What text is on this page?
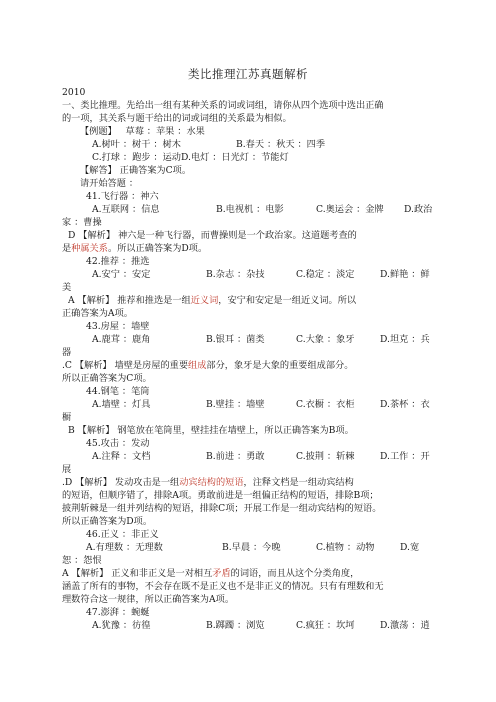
类比推理江苏真题解析
2010
一、类比推理。先给出一组有某种关系的词或词组，请你从四个选项中选出正确
的一项，其关系与题干给出的词或词组的关系最为相似。
【例题】 草莓 ：苹果 ：水果
A.树叶 ：树干 ：树木	B.春天 ：秋天 ：四季
C.打球 ：跑步 ：运动D.电灯 ：日光灯 ：节能灯
【解答】 正确答案为C项。
请开始答题 ：
41.飞行器 ：神六
A.互联网 ：信息	B.电视机 ：电影	C.奥运会 ：金牌 D.政治
家 ：曹操
D 【解析】 神六是一种飞行器，而曹操则是一个政治家。这道题考查的
是种属关系。所以正确答案为D项。
42.推荐 ：推选
A.安宁 ：安定	B.杂志 ：杂技	C.稳定 ：淡定	D.鲜艳 ：鲜
美
A 【解析】 推荐和推选是一组近义词，安宁和安定是一组近义词。所以
正确答案为A项。
43.房屋 ：墙壁
A.鹿茸 ：鹿角	B.银耳 ：菌类	C.大象 ：象牙	D.坦克 ：兵
器
.C 【解析】 墙壁是房屋的重要组成部分，象牙是大象的重要组成部分。
所以正确答案为C项。
44.钢笔 ：笔筒
A.墙壁 ：灯具	B.壁挂 ：墙壁	C.衣橱 ：衣柜	D.茶杯 ：衣
橱
B 【解析】 钢笔放在笔筒里，壁挂挂在墙壁上，所以正确答案为B项。
45.攻击 ：发动
A.注释 ：文档	B.前进 ：勇敢	C.披荆 ：斩棘	D.工作 ：开
展
.D 【解析】 发动攻击是一组动宾结构的短语，注释文档是一组动宾结构
的短语，但顺序错了，排除A项。勇敢前进是一组偏正结构的短语，排除B项；
披荆斩棘是一组并列结构的短语，排除C项；开展工作是一组动宾结构的短语。
所以正确答案为D项。
46.正义 ：非正义
A.有理数 ：无理数	B.早晨 ：今晚	C.植物 ：动物	D.宽
恕 ：怨恨
A 【解析】 正义和非正义是一对相互矛盾的词语，而且从这个分类角度，
涵盖了所有的事物，不会存在既不是正义也不是非正义的情况。只有有理数和无
理数符合这一规律，所以正确答案为A项。
47.澎湃 ：蜿蜒
A.犹豫 ：彷徨	B.踯躅 ：浏览	C.疯狂 ：坎坷	D.激荡 ：逍
